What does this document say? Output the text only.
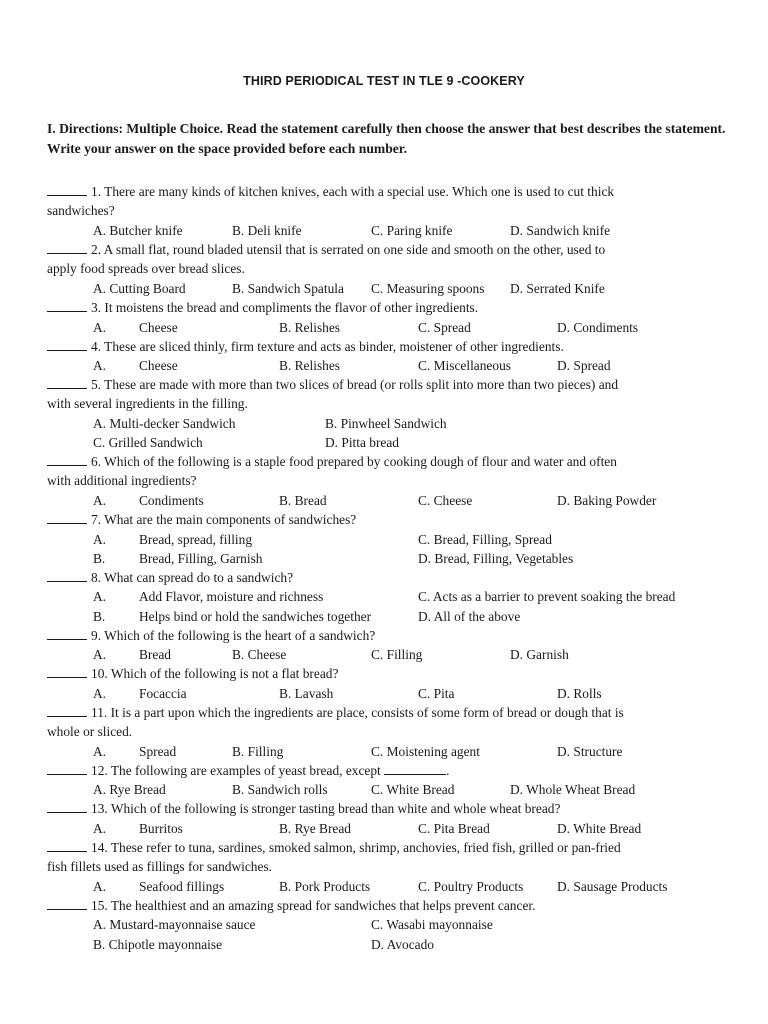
THIRD PERIODICAL TEST IN TLE 9 -COOKERY
I. Directions: Multiple Choice. Read the statement carefully then choose the answer that best describes the statement. Write your answer on the space provided before each number.
1. There are many kinds of kitchen knives, each with a special use. Which one is used to cut thick
sandwiches?
A. Butcher knife	B. Deli knife	C. Paring knife	D. Sandwich knife
2. A small flat, round bladed utensil that is serrated on one side and smooth on the other, used to
apply food spreads over bread slices.
A. Cutting Board	B. Sandwich Spatula C. Measuring spoons D. Serrated Knife
3. It moistens the bread and compliments the flavor of other ingredients.
A. Cheese	B. Relishes	C. Spread	D. Condiments
4. These are sliced thinly, firm texture and acts as binder, moistener of other ingredients.
A. Cheese	B. Relishes	C. Miscellaneous	D. Spread
5. These are made with more than two slices of bread (or rolls split into more than two pieces) and
with several ingredients in the filling.
A. Multi-decker Sandwich	B. Pinwheel Sandwich
C. Grilled Sandwich	D. Pitta bread
6. Which of the following is a staple food prepared by cooking dough of flour and water and often
with additional ingredients?
A. Condiments	B. Bread	C. Cheese	D. Baking Powder
7. What are the main components of sandwiches?
A. Bread, spread, filling	C. Bread, Filling, Spread
B.	Bread, Filling, Garnish	D. Bread, Filling, Vegetables
8. What can spread do to a sandwich?
A. Add Flavor, moisture and richness	C. Acts as a barrier to prevent soaking the bread
B.	Helps bind or hold the sandwiches together	D. All of the above
9. Which of the following is the heart of a sandwich?
A. Bread	B. Cheese	C. Filling	D. Garnish
10. Which of the following is not a flat bread?
A. Focaccia	B. Lavash	C. Pita	D. Rolls
11. It is a part upon which the ingredients are place, consists of some form of bread or dough that is
whole or sliced.
A. Spread	B. Filling	C. Moistening agent	D. Structure
12. The following are examples of yeast bread, except	.
A. Rye Bread	B. Sandwich rolls	C. White Bread	D. Whole Wheat Bread
13. Which of the following is stronger tasting bread than white and whole wheat bread?
A. Burritos	B. Rye Bread	C. Pita Bread	D. White Bread
14. These refer to tuna, sardines, smoked salmon, shrimp, anchovies, fried fish, grilled or pan-fried
fish fillets used as fillings for sandwiches.
A. Seafood fillings	B. Pork Products	C. Poultry Products	D. Sausage Products
15. The healthiest and an amazing spread for sandwiches that helps prevent cancer.
A. Mustard-mayonnaise sauce	C. Wasabi mayonnaise
B. Chipotle mayonnaise	D. Avocado
